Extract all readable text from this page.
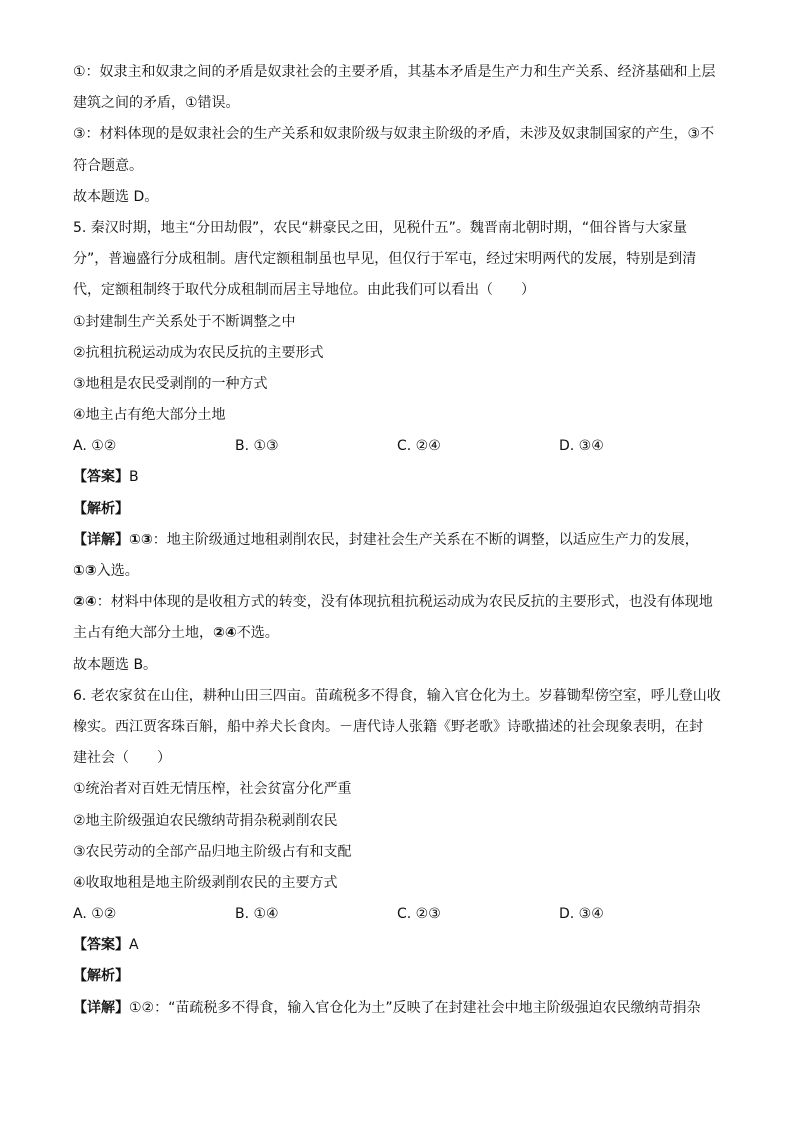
①：奴隶主和奴隶之间的矛盾是奴隶社会的主要矛盾，其基本矛盾是生产力和生产关系、经济基础和上层
建筑之间的矛盾，①错误。
③：材料体现的是奴隶社会的生产关系和奴隶阶级与奴隶主阶级的矛盾，未涉及奴隶制国家的产生，③不
符合题意。
故本题选 D。
5. 秦汉时期，地主“分田劫假”，农民“耕豪民之田，见税什五”。魏晋南北朝时期，“佃谷皆与大家量
分”，普遍盛行分成租制。唐代定额租制虽也早见，但仅行于军屯，经过宋明两代的发展，特别是到清
代，定额租制终于取代分成租制而居主导地位。由此我们可以看出（　　）
①封建制生产关系处于不断调整之中
②抗租抗税运动成为农民反抗的主要形式
③地租是农民受剥削的一种方式
④地主占有绝大部分土地
A. ①②	B. ①③	C. ②④	D. ③④
【答案】B
【解析】
【详解】①③：地主阶级通过地租剥削农民，封建社会生产关系在不断的调整，以适应生产力的发展，
①③入选。
②④：材料中体现的是收租方式的转变，没有体现抗租抗税运动成为农民反抗的主要形式，也没有体现地
主占有绝大部分土地，②④不选。
故本题选 B。
6. 老农家贫在山住，耕种山田三四亩。苗疏税多不得食，输入官仓化为土。岁暮锄犁傍空室，呼儿登山收
橡实。西江贾客珠百斛，船中养犬长食肉。－唐代诗人张籍《野老歌》诗歌描述的社会现象表明，在封
建社会（　　）
①统治者对百姓无情压榨，社会贫富分化严重
②地主阶级强迫农民缴纳苛捐杂税剥削农民
③农民劳动的全部产品归地主阶级占有和支配
④收取地租是地主阶级剥削农民的主要方式
A. ①②	B. ①④	C. ②③	D. ③④
【答案】A
【解析】
【详解】①②：“苗疏税多不得食，输入官仓化为土”反映了在封建社会中地主阶级强迫农民缴纳苛捐杂
